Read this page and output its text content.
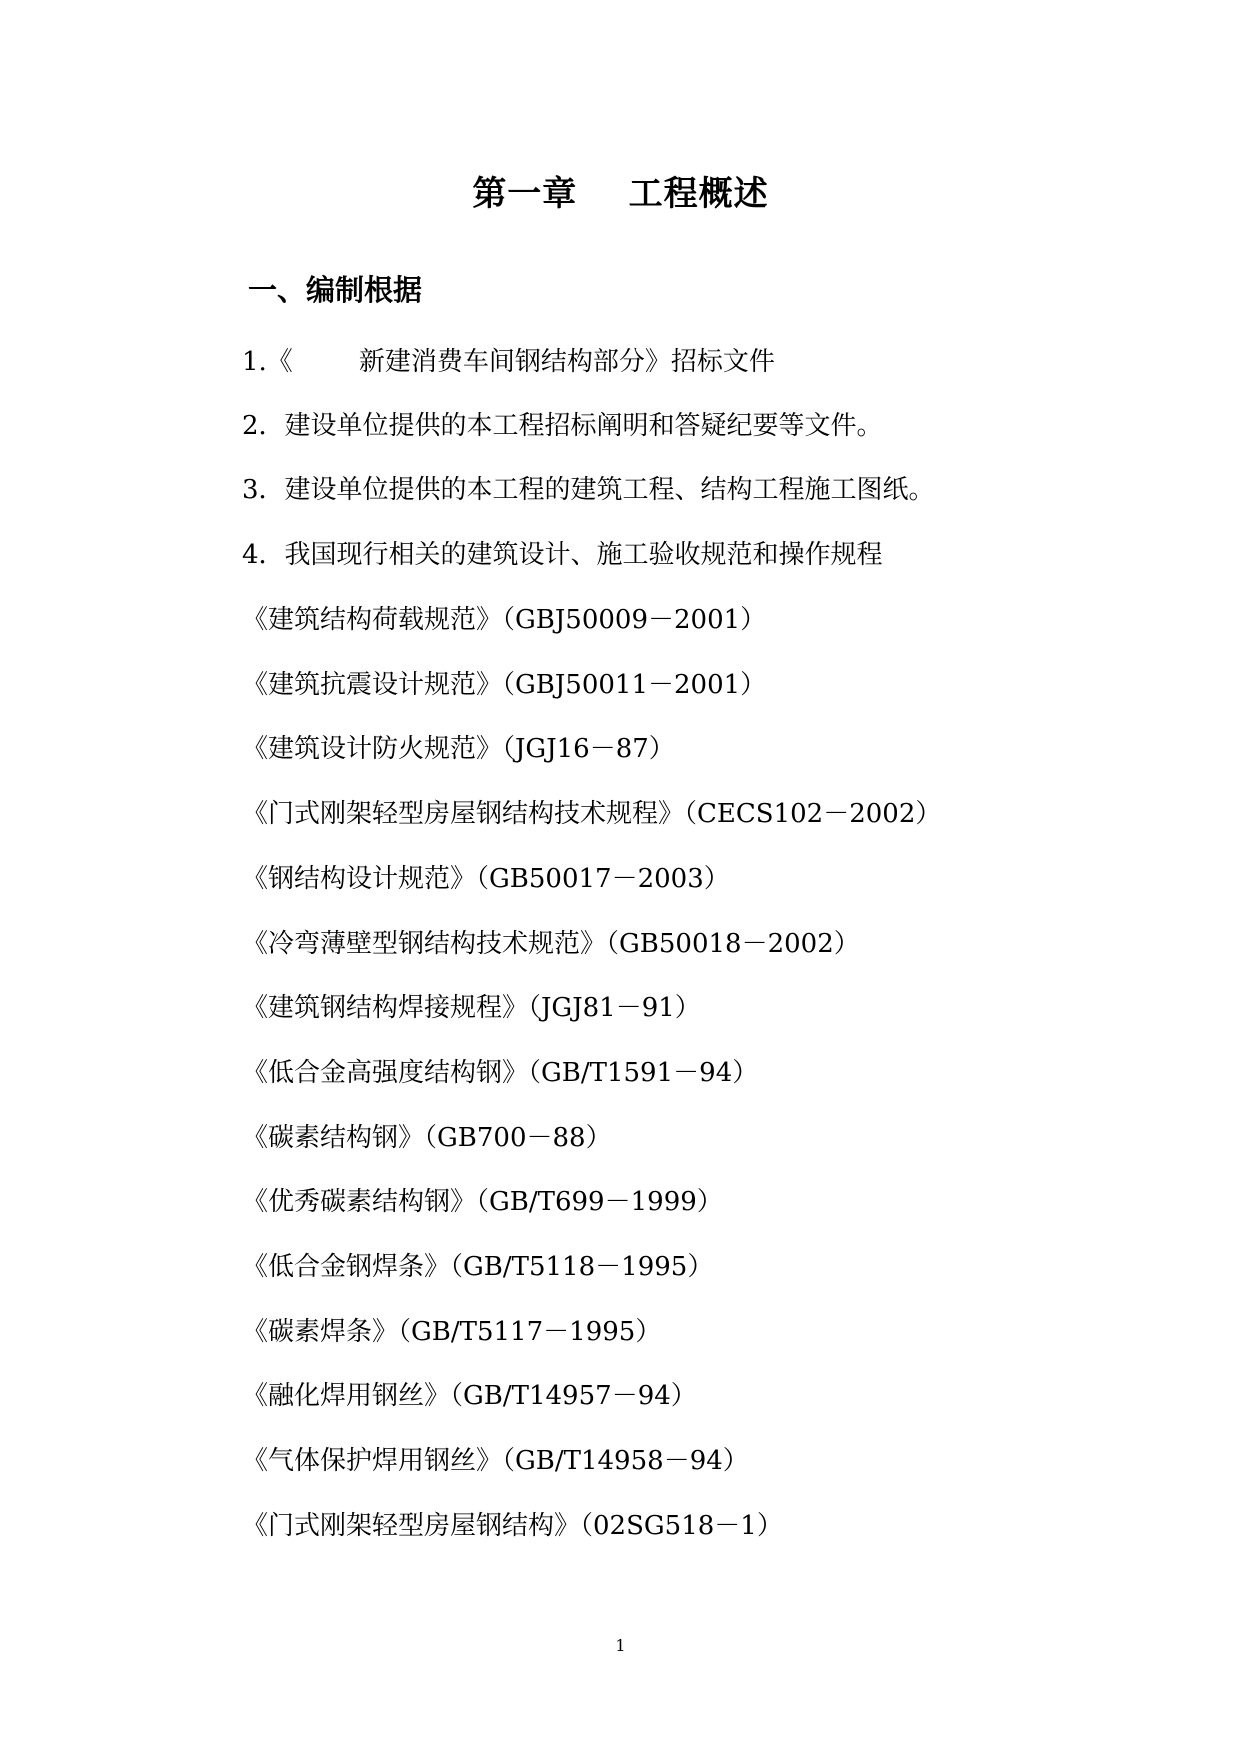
第一章    工程概述
一、编制根据
1.《        新建消费车间钢结构部分》招标文件
2．建设单位提供的本工程招标阐明和答疑纪要等文件。
3．建设单位提供的本工程的建筑工程、结构工程施工图纸。
4．我国现行相关的建筑设计、施工验收规范和操作规程
《建筑结构荷载规范》（GBJ50009－2001）
《建筑抗震设计规范》（GBJ50011－2001）
《建筑设计防火规范》（JGJ16－87）
《门式刚架轻型房屋钢结构技术规程》（CECS102－2002）
《钢结构设计规范》（GB50017－2003）
《冷弯薄壁型钢结构技术规范》（GB50018－2002）
《建筑钢结构焊接规程》（JGJ81－91）
《低合金高强度结构钢》（GB/T1591－94）
《碳素结构钢》（GB700－88）
《优秀碳素结构钢》（GB/T699－1999）
《低合金钢焊条》（GB/T5118－1995）
《碳素焊条》（GB/T5117－1995）
《融化焊用钢丝》（GB/T14957－94）
《气体保护焊用钢丝》（GB/T14958－94）
《门式刚架轻型房屋钢结构》（02SG518－1）
1
